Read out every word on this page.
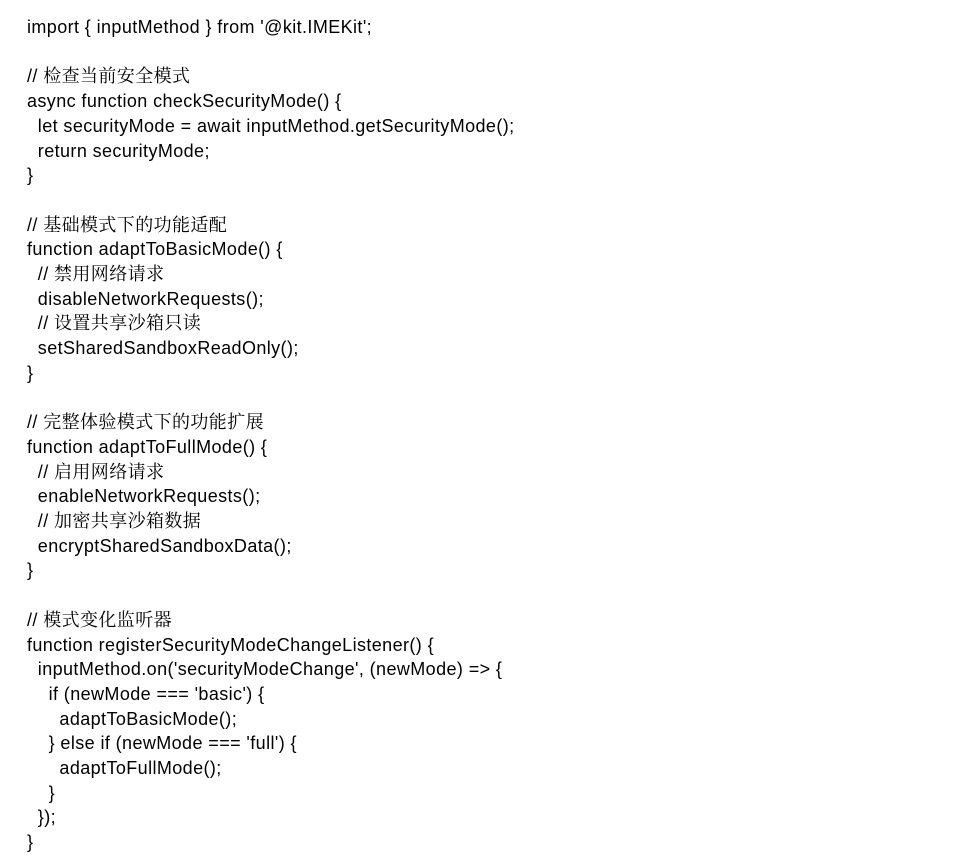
import { inputMethod } from '@kit.IMEKit';
// 检查当前安全模式
async function checkSecurityMode() {
let securityMode = await inputMethod.getSecurityMode();
return securityMode;
}
// 基础模式下的功能适配
function adaptToBasicMode() {
// 禁用网络请求
disableNetworkRequests();
// 设置共享沙箱只读
setSharedSandboxReadOnly();
}
// 完整体验模式下的功能扩展
function adaptToFullMode() {
// 启用网络请求
enableNetworkRequests();
// 加密共享沙箱数据
encryptSharedSandboxData();
}
// 模式变化监听器
function registerSecurityModeChangeListener() {
inputMethod.on('securityModeChange', (newMode) => {
if (newMode === 'basic') {
adaptToBasicMode();
} else if (newMode === 'full') {
adaptToFullMode();
}
});
}
